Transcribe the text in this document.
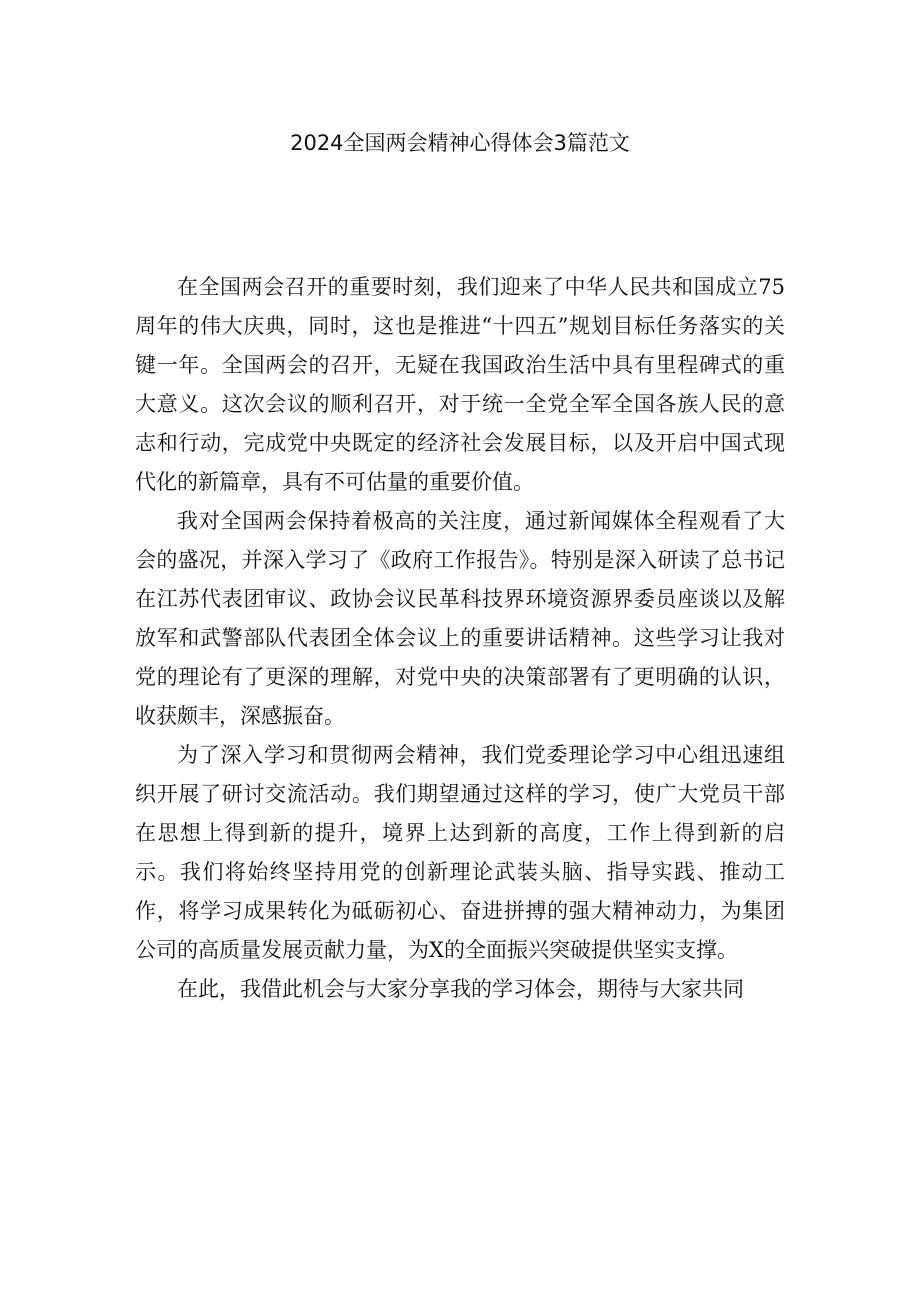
2024全国两会精神心得体会3篇范文

在全国两会召开的重要时刻，我们迎来了中华人民共和国成立75周年的伟大庆典，同时，这也是推进“十四五”规划目标任务落实的关键一年。全国两会的召开，无疑在我国政治生活中具有里程碑式的重大意义。这次会议的顺利召开，对于统一全党全军全国各族人民的意志和行动，完成党中央既定的经济社会发展目标，以及开启中国式现代化的新篇章，具有不可估量的重要价值。

我对全国两会保持着极高的关注度，通过新闻媒体全程观看了大会的盛况，并深入学习了《政府工作报告》。特别是深入研读了总书记在江苏代表团审议、政协会议民革科技界环境资源界委员座谈以及解放军和武警部队代表团全体会议上的重要讲话精神。这些学习让我对党的理论有了更深的理解，对党中央的决策部署有了更明确的认识，收获颇丰，深感振奋。

为了深入学习和贯彻两会精神，我们党委理论学习中心组迅速组织开展了研讨交流活动。我们期望通过这样的学习，使广大党员干部在思想上得到新的提升，境界上达到新的高度，工作上得到新的启示。我们将始终坚持用党的创新理论武装头脑、指导实践、推动工作，将学习成果转化为砥砺初心、奋进拼搏的强大精神动力，为集团公司的高质量发展贡献力量，为X的全面振兴突破提供坚实支撑。

在此，我借此机会与大家分享我的学习体会，期待与大家共同
